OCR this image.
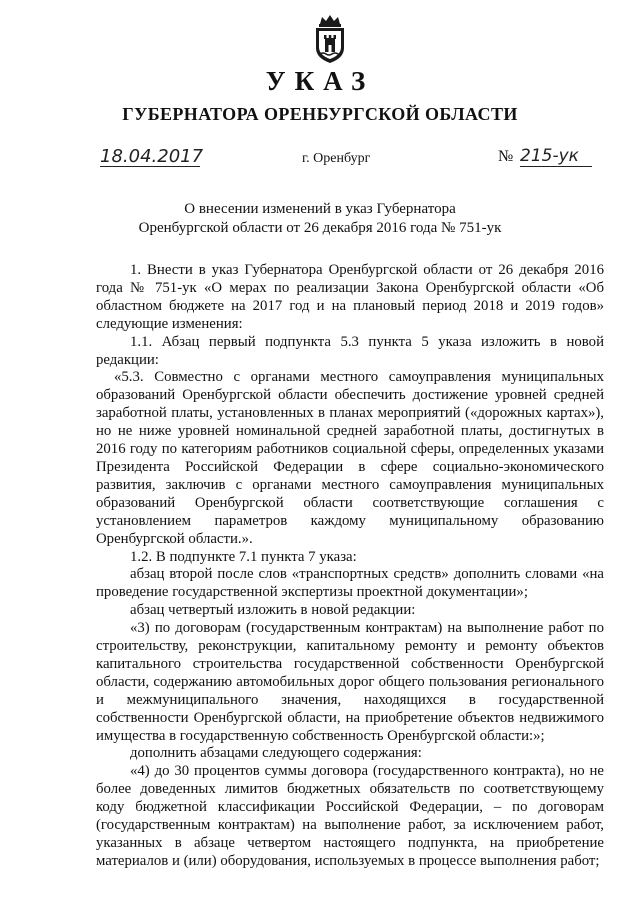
УКАЗ
ГУБЕРНАТОРА ОРЕНБУРГСКОЙ ОБЛАСТИ
18.04.2017	г. Оренбург	№ 215-ук
О внесении изменений в указ Губернатора
Оренбургской области от 26 декабря 2016 года № 751-ук

1. Внести в указ Губернатора Оренбургской области от 26 декабря 2016 года № 751-ук «О мерах по реализации Закона Оренбургской области «Об областном бюджете на 2017 год и на плановый период 2018 и 2019 годов» следующие изменения:

1.1. Абзац первый подпункта 5.3 пункта 5 указа изложить в новой редакции:

«5.3. Совместно с органами местного самоуправления муниципальных образований Оренбургской области обеспечить достижение уровней средней заработной платы, установленных в планах мероприятий («дорожных картах»), но не ниже уровней номинальной средней заработной платы, достигнутых в 2016 году по категориям работников социальной сферы, определенных указами Президента Российской Федерации в сфере социально-экономического развития, заключив с органами местного самоуправления муниципальных образований Оренбургской области соответствующие соглашения с установлением параметров каждому муниципальному образованию Оренбургской области.».

1.2. В подпункте 7.1 пункта 7 указа:

абзац второй после слов «транспортных средств» дополнить словами «на проведение государственной экспертизы проектной документации»;

абзац четвертый изложить в новой редакции:

«3) по договорам (государственным контрактам) на выполнение работ по строительству, реконструкции, капитальному ремонту и ремонту объектов капитального строительства государственной собственности Оренбургской области, содержанию автомобильных дорог общего пользования регионального и межмуниципального значения, находящихся в государственной собственности Оренбургской области, на приобретение объектов недвижимого имущества в государственную собственность Оренбургской области:»;

дополнить абзацами следующего содержания:

«4) до 30 процентов суммы договора (государственного контракта), но не более доведенных лимитов бюджетных обязательств по соответствующему коду бюджетной классификации Российской Федерации, – по договорам (государственным контрактам) на выполнение работ, за исключением работ, указанных в абзаце четвертом настоящего подпункта, на приобретение материалов и (или) оборудования, используемых в процессе выполнения работ;
